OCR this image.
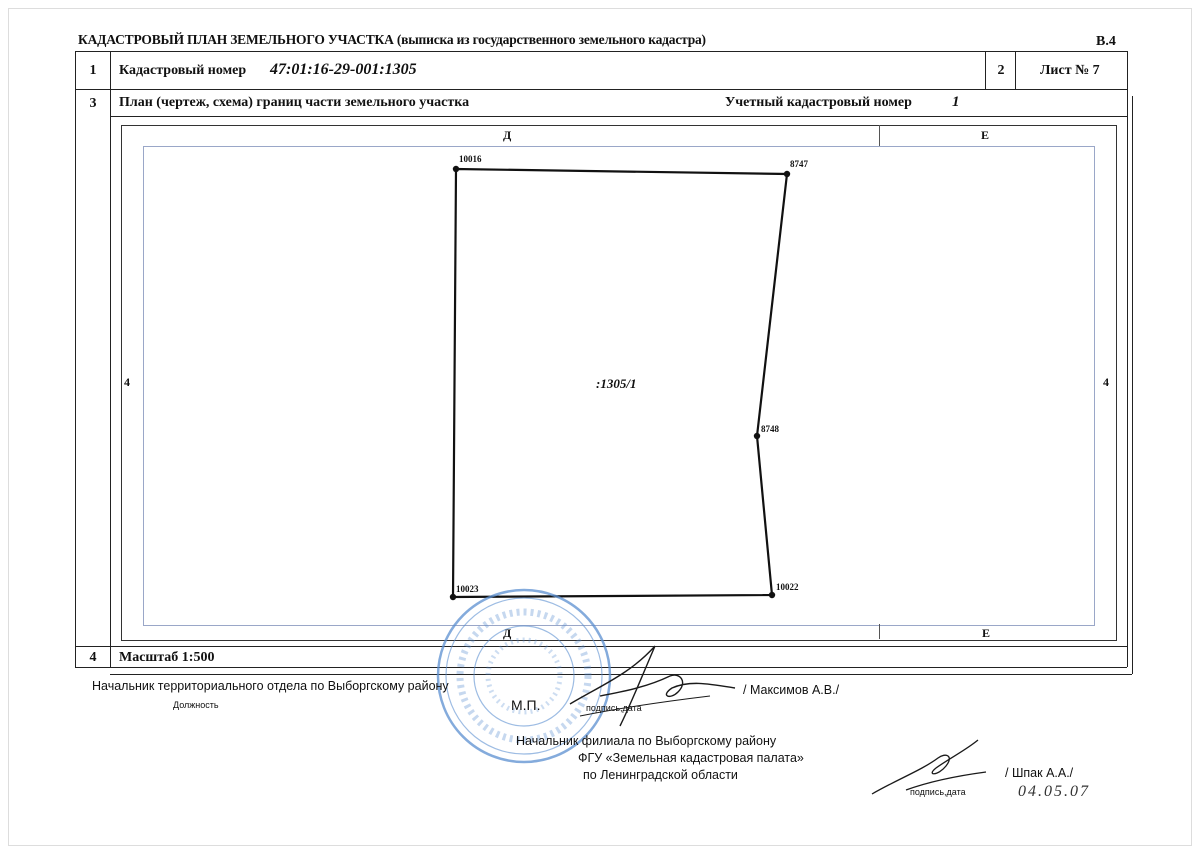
КАДАСТРОВЫЙ ПЛАН ЗЕМЕЛЬНОГО УЧАСТКА (выписка из государственного земельного кадастра)	В.4
1	Кадастровый номер 47:01:16-29-001:1305	2	Лист № 7
3	План (чертеж, схема) границ части земельного участка	Учетный кадастровый номер	1
Д	Е
Д	Е
4	4
10016	8747
8748
10022
10023
:1305/1
4	Масштаб 1:500
Начальник территориального отдела по Выборгскому району
Должность	М.П.	подпись,дата
/ Максимов А.В./
Начальник филиала по Выборгскому району
ФГУ «Земельная кадастровая палата»
по Ленинградской области
подпись,дата
/ Шпак А.А./
04.05.07
